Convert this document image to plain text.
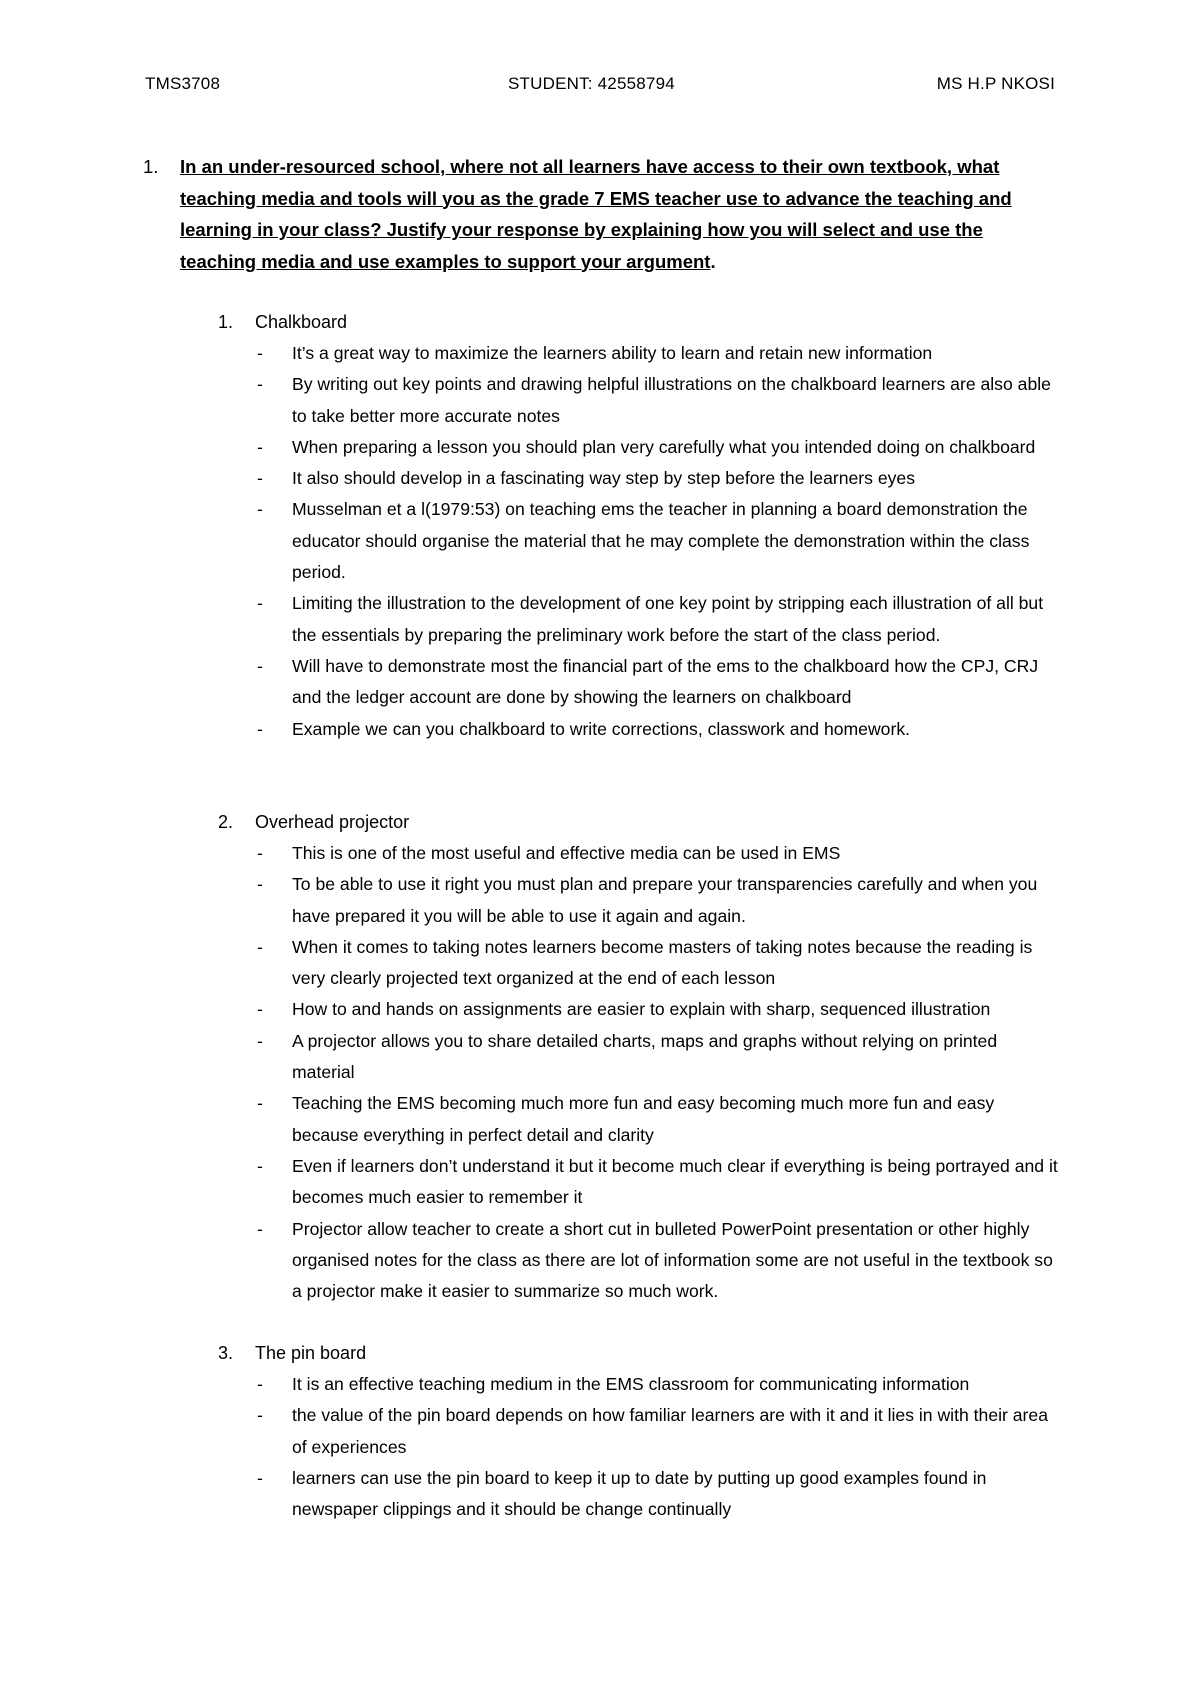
TMS3708	STUDENT: 42558794	MS H.P NKOSI
1. In an under-resourced school, where not all learners have access to their own textbook, what teaching media and tools will you as the grade 7 EMS teacher use to advance the teaching and learning in your class? Justify your response by explaining how you will select and use the teaching media and use examples to support your argument.
1. Chalkboard
- It’s a great way to maximize the learners ability to learn and retain new information
- By writing out key points and drawing helpful illustrations on the chalkboard learners are also able to take better more accurate notes
- When preparing a lesson you should plan very carefully what you intended doing on chalkboard
- It also should develop in a fascinating way step by step before the learners eyes
- Musselman et a l(1979:53) on teaching ems the teacher in planning a board demonstration the educator should organise the material that he may complete the demonstration within the class period.
- Limiting the illustration to the development of one key point by stripping each illustration of all but the essentials by preparing the preliminary work before the start of the class period.
- Will have to demonstrate most the financial part of the ems to the chalkboard how the CPJ, CRJ and the ledger account are done by showing the learners on chalkboard
- Example we can you chalkboard to write corrections, classwork and homework.
2. Overhead projector
- This is one of the most useful and effective media can be used in EMS
- To be able to use it right you must plan and prepare your transparencies carefully and when you have prepared it you will be able to use it again and again.
- When it comes to taking notes learners become masters of taking notes because the reading is very clearly projected text organized at the end of each lesson
- How to and hands on assignments are easier to explain with sharp, sequenced illustration
- A projector allows you to share detailed charts, maps and graphs without relying on printed material
- Teaching the EMS becoming much more fun and easy becoming much more fun and easy because everything in perfect detail and clarity
- Even if learners don’t understand it but it become much clear if everything is being portrayed and it becomes much easier to remember it
- Projector allow teacher to create a short cut in bulleted PowerPoint presentation or other highly organised notes for the class as there are lot of information some are not useful in the textbook so a projector make it easier to summarize so much work.
3. The pin board
- It is an effective teaching medium in the EMS classroom for communicating information
- the value of the pin board depends on how familiar learners are with it and it lies in with their area of experiences
- learners can use the pin board to keep it up to date by putting up good examples found in newspaper clippings and it should be change continually
